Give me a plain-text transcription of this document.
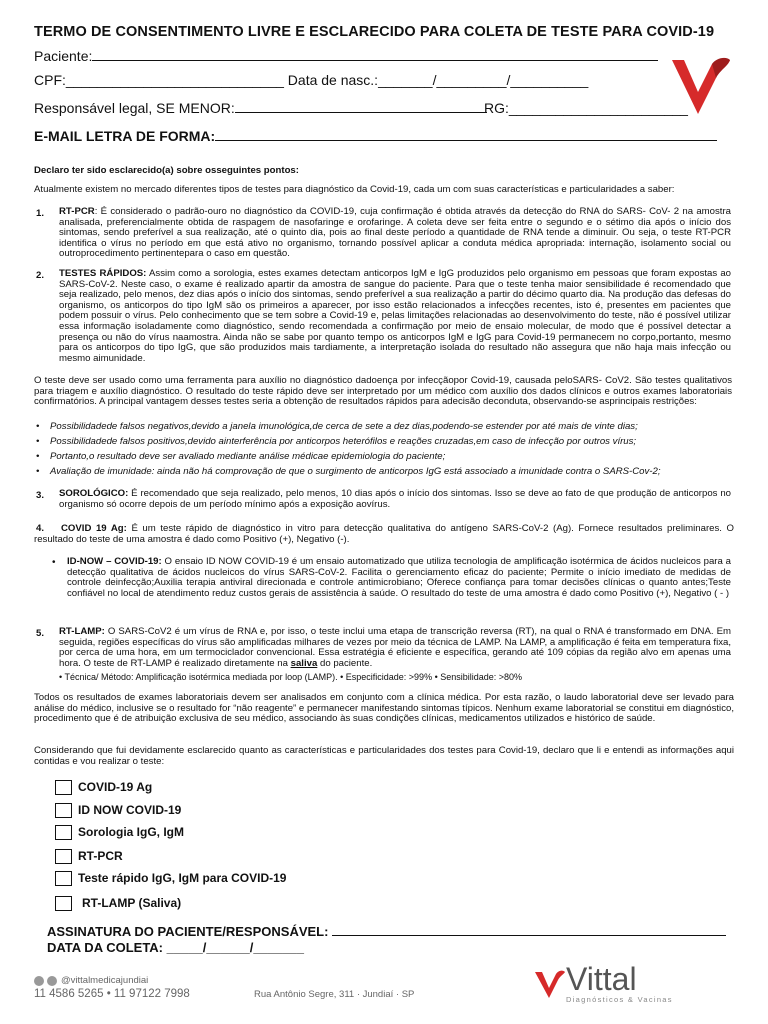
TERMO DE CONSENTIMENTO LIVRE E ESCLARECIDO PARA COLETA DE TESTE PARA COVID-19
Paciente:
CPF:____________________________ Data de nasc.:_______/_________/__________
Responsável legal, SE MENOR:	RG:_______________________
E-MAIL LETRA DE FORMA:
Declaro ter sido esclarecido(a) sobre osseguintes pontos:
Atualmente existem no mercado diferentes tipos de testes para diagnóstico da Covid-19, cada um com suas características e particularidades a saber:
1. RT-PCR: É considerado o padrão-ouro no diagnóstico da COVID-19, cuja confirmação é obtida através da detecção do RNA do SARS- CoV- 2 na amostra analisada, preferencialmente obtida de raspagem de nasofaringe e orofaringe. A coleta deve ser feita entre o segundo e o sétimo dia após o início dos sintomas, sendo preferível a sua realização, até o quinto dia, pois ao final deste período a quantidade de RNA tende a diminuir. Ou seja, o teste RT-PCR identifica o vírus no período em que está ativo no organismo, tornando possível aplicar a conduta médica apropriada: internação, isolamento social ou outroprocedimento pertinentepara o caso em questão.
2. TESTES RÁPIDOS: Assim como a sorologia, estes exames detectam anticorpos IgM e IgG produzidos pelo organismo em pessoas que foram expostas ao SARS-CoV-2. Neste caso, o exame é realizado apartir da amostra de sangue do paciente. Para que o teste tenha maior sensibilidade é recomendado que seja realizado, pelo menos, dez dias após o início dos sintomas, sendo preferível a sua realização a partir do décimo quarto dia. Na produção das defesas do organismo, os anticorpos do tipo IgM são os primeiros a aparecer, por isso estão relacionados a infecções recentes, isto é, presentes em pacientes que podem possuir o vírus. Pelo conhecimento que se tem sobre a Covid-19 e, pelas limitações relacionadas ao desenvolvimento do teste, não é possível utilizar essa informação isoladamente como diagnóstico, sendo recomendada a confirmação por meio de ensaio molecular, de modo que é possível detectar a presença ou não do vírus naamostra. Ainda não se sabe por quanto tempo os anticorpos IgM e IgG para Covid-19 permanecem no corpo,portanto, mesmo para os anticorpos do tipo IgG, que são produzidos mais tardiamente, a interpretação isolada do resultado não assegura que não haja mais infecção ou mesmo aimunidade.
O teste deve ser usado como uma ferramenta para auxílio no diagnóstico dadoença por infecçãopor Covid-19, causada peloSARS- CoV2. São testes qualitativos para triagem e auxílio diagnóstico. O resultado do teste rápido deve ser interpretado por um médico com auxílio dos dados clínicos e outros exames laboratoriais confirmatórios. A principal vantagem desses testes seria a obtenção de resultados rápidos para adecisão deconduta, observando-se asprincipais restrições:
•    Possibilidadede falsos negativos,devido a janela imunológica,de cerca de sete a dez dias,podendo-se estender por até mais de vinte dias;
•    Possibilidadede falsos positivos,devido ainterferência por anticorpos heterófilos e reações cruzadas,em caso de infecção por outros vírus;
•    Portanto,o resultado deve ser avaliado mediante análise médicae epidemiologia do paciente;
•    Avaliação de imunidade: ainda não há comprovação de que o surgimento de anticorpos IgG está associado a imunidade contra o SARS-Cov-2;
3. SOROLÓGICO: É recomendado que seja realizado, pelo menos, 10 dias após o início dos sintomas. Isso se deve ao fato de que produção de anticorpos no organismo só ocorre depois de um período mínimo após a exposição aovírus.
4. COVID 19 Ag: É um teste rápido de diagnóstico in vitro para detecção qualitativa do antígeno SARS-CoV-2 (Ag). Fornece resultados preliminares. O resultado do teste de uma amostra é dado como Positivo (+), Negativo (-).
• ID-NOW – COVID-19: O ensaio ID NOW COVID-19 é um ensaio automatizado que utiliza tecnologia de amplificação isotérmica de ácidos nucleicos para a detecção qualitativa de ácidos nucleicos do vírus SARS-CoV-2. Facilita o gerenciamento eficaz do paciente; Permite o início imediato de medidas de controle deinfecção;Auxilia terapia antiviral direcionada e controle antimicrobiano; Oferece confiança para tomar decisões clínicas o quanto antes;Teste confiável no local de atendimento reduz custos gerais de assistência à saúde. O resultado do teste de uma amostra é dado como Positivo (+), Negativo ( - )
5. RT-LAMP: O SARS-CoV2 é um vírus de RNA e, por isso, o teste inclui uma etapa de transcrição reversa (RT), na qual o RNA é transformado em DNA. Em seguida, regiões específicas do vírus são amplificadas milhares de vezes por meio da técnica de LAMP. Na LAMP, a amplificação é feita em temperatura fixa, por cerca de uma hora, em um termociclador convencional. Essa estratégia é eficiente e específica, gerando até 109 cópias da região alvo em apenas uma hora. O teste de RT-LAMP é realizado diretamente na saliva do paciente.
• Técnica/ Método: Amplificação isotérmica mediada por loop (LAMP). • Especificidade: >99% • Sensibilidade: >80%
Todos os resultados de exames laboratoriais devem ser analisados em conjunto com a clínica médica. Por esta razão, o laudo laboratorial deve ser levado para análise do médico, inclusive se o resultado for “não reagente” e permanecer manifestando sintomas típicos. Nenhum exame laboratorial se constitui em diagnóstico, procedimento que é de atribuição exclusiva de seu médico, associando às suas condições clínicas, medicamentos utilizados e histórico de saúde.
Considerando que fui devidamente esclarecido quanto as características e particularidades dos testes para Covid-19, declaro que li e entendi as informações aqui contidas e vou realizar o teste:
COVID-19 Ag
ID NOW COVID-19
Sorologia IgG, IgM
RT-PCR
Teste rápido IgG, IgM para COVID-19
RT-LAMP (Saliva)
ASSINATURA DO PACIENTE/RESPONSÁVEL:
DATA DA COLETA: _____/______/_______
@vittalmedicajundiai
11 4586 5265 • 11 97122 7998	Rua Antônio Segre, 311 · Jundiaí · SP	Vittal
Diagnósticos & Vacinas
